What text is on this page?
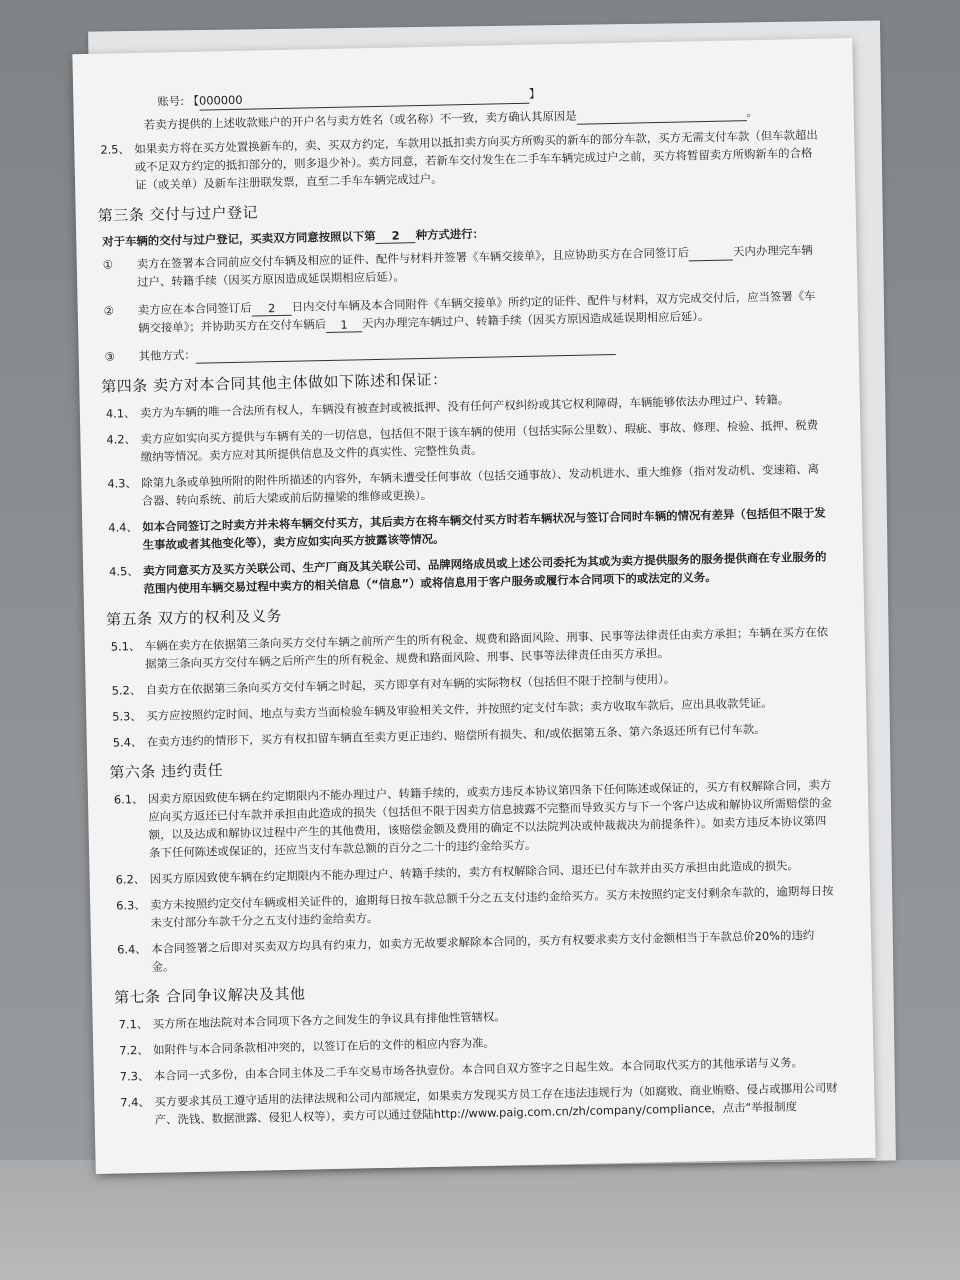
账号: 【000000	】
若卖方提供的上述收款账户的开户名与卖方姓名（或名称）不一致，卖方确认其原因是	。
2.5、 如果卖方将在买方处置换新车的，卖、买双方约定，车款用以抵扣卖方向买方所购买的新车的部分车款，买方无需支付车款（但车款超出或不足双方约定的抵扣部分的，则多退少补）。卖方同意，若新车交付发生在二手车车辆完成过户之前，买方将暂留卖方所购新车的合格证（或关单）及新车注册联发票，直至二手车车辆完成过户。
第三条 交付与过户登记
对于车辆的交付与过户登记，买卖双方同意按照以下第 2 种方式进行：
①	卖方在签署本合同前应交付车辆及相应的证件、配件与材料并签署《车辆交接单》，且应协助买方在合同签订后	天内办理完车辆过户、转籍手续（因买方原因造成延误期相应后延）。
②	卖方应在本合同签订后 2 日内交付车辆及本合同附件《车辆交接单》所约定的证件、配件与材料，双方完成交付后，应当签署《车辆交接单》；并协助买方在交付车辆后 1 天内办理完车辆过户、转籍手续（因买方原因造成延误期相应后延）。
③	其他方式：
第四条 卖方对本合同其他主体做如下陈述和保证：
4.1、 卖方为车辆的唯一合法所有权人，车辆没有被查封或被抵押、没有任何产权纠纷或其它权利障碍，车辆能够依法办理过户、转籍。
4.2、 卖方应如实向买方提供与车辆有关的一切信息，包括但不限于该车辆的使用（包括实际公里数）、瑕疵、事故、修理、检验、抵押、税费缴纳等情况。卖方应对其所提供信息及文件的真实性、完整性负责。
4.3、 除第九条或单独所附的附件所描述的内容外，车辆未遭受任何事故（包括交通事故）、发动机进水、重大维修（指对发动机、变速箱、离合器、转向系统、前后大梁或前后防撞梁的维修或更换）。
4.4、 如本合同签订之时卖方并未将车辆交付买方，其后卖方在将车辆交付买方时若车辆状况与签订合同时车辆的情况有差异（包括但不限于发生事故或者其他变化等），卖方应如实向买方披露该等情况。
4.5、 卖方同意买方及买方关联公司、生产厂商及其关联公司、品牌网络成员或上述公司委托为其或为卖方提供服务的服务提供商在专业服务的范围内使用车辆交易过程中卖方的相关信息（“信息”）或将信息用于客户服务或履行本合同项下的或法定的义务。
第五条 双方的权利及义务
5.1、 车辆在卖方在依据第三条向买方交付车辆之前所产生的所有税金、规费和路面风险、刑事、民事等法律责任由卖方承担；车辆在买方在依据第三条向买方交付车辆之后所产生的所有税金、规费和路面风险、刑事、民事等法律责任由买方承担。
5.2、 自卖方在依据第三条向买方交付车辆之时起，买方即享有对车辆的实际物权（包括但不限于控制与使用）。
5.3、 买方应按照约定时间、地点与卖方当面检验车辆及审验相关文件，并按照约定支付车款；卖方收取车款后，应出具收款凭证。
5.4、 在卖方违约的情形下，买方有权扣留车辆直至卖方更正违约、赔偿所有损失、和/或依据第五条、第六条返还所有已付车款。
第六条 违约责任
6.1、 因卖方原因致使车辆在约定期限内不能办理过户、转籍手续的，或卖方违反本协议第四条下任何陈述或保证的，买方有权解除合同，卖方应向买方返还已付车款并承担由此造成的损失（包括但不限于因卖方信息披露不完整而导致买方与下一个客户达成和解协议所需赔偿的金额，以及达成和解协议过程中产生的其他费用，该赔偿金额及费用的确定不以法院判决或仲裁裁决为前提条件）。如卖方违反本协议第四条下任何陈述或保证的，还应当支付车款总额的百分之二十的违约金给买方。
6.2、 因买方原因致使车辆在约定期限内不能办理过户、转籍手续的，卖方有权解除合同、退还已付车款并由买方承担由此造成的损失。
6.3、 卖方未按照约定交付车辆或相关证件的，逾期每日按车款总额千分之五支付违约金给买方。买方未按照约定支付剩余车款的，逾期每日按未支付部分车款千分之五支付违约金给卖方。
6.4、 本合同签署之后即对买卖双方均具有约束力，如卖方无故要求解除本合同的，买方有权要求卖方支付金额相当于车款总价20%的违约金。
第七条 合同争议解决及其他
7.1、 买方所在地法院对本合同项下各方之间发生的争议具有排他性管辖权。
7.2、 如附件与本合同条款相冲突的，以签订在后的文件的相应内容为准。
7.3、 本合同一式多份，由本合同主体及二手车交易市场各执壹份。本合同自双方签字之日起生效。本合同取代买方的其他承诺与义务。
7.4、 买方要求其员工遵守适用的法律法规和公司内部规定，如果卖方发现买方员工存在违法违规行为（如腐败、商业贿赂、侵占或挪用公司财产、洗钱、数据泄露、侵犯人权等），卖方可以通过登陆http://www.paig.com.cn/zh/company/compliance，点击“举报制度
